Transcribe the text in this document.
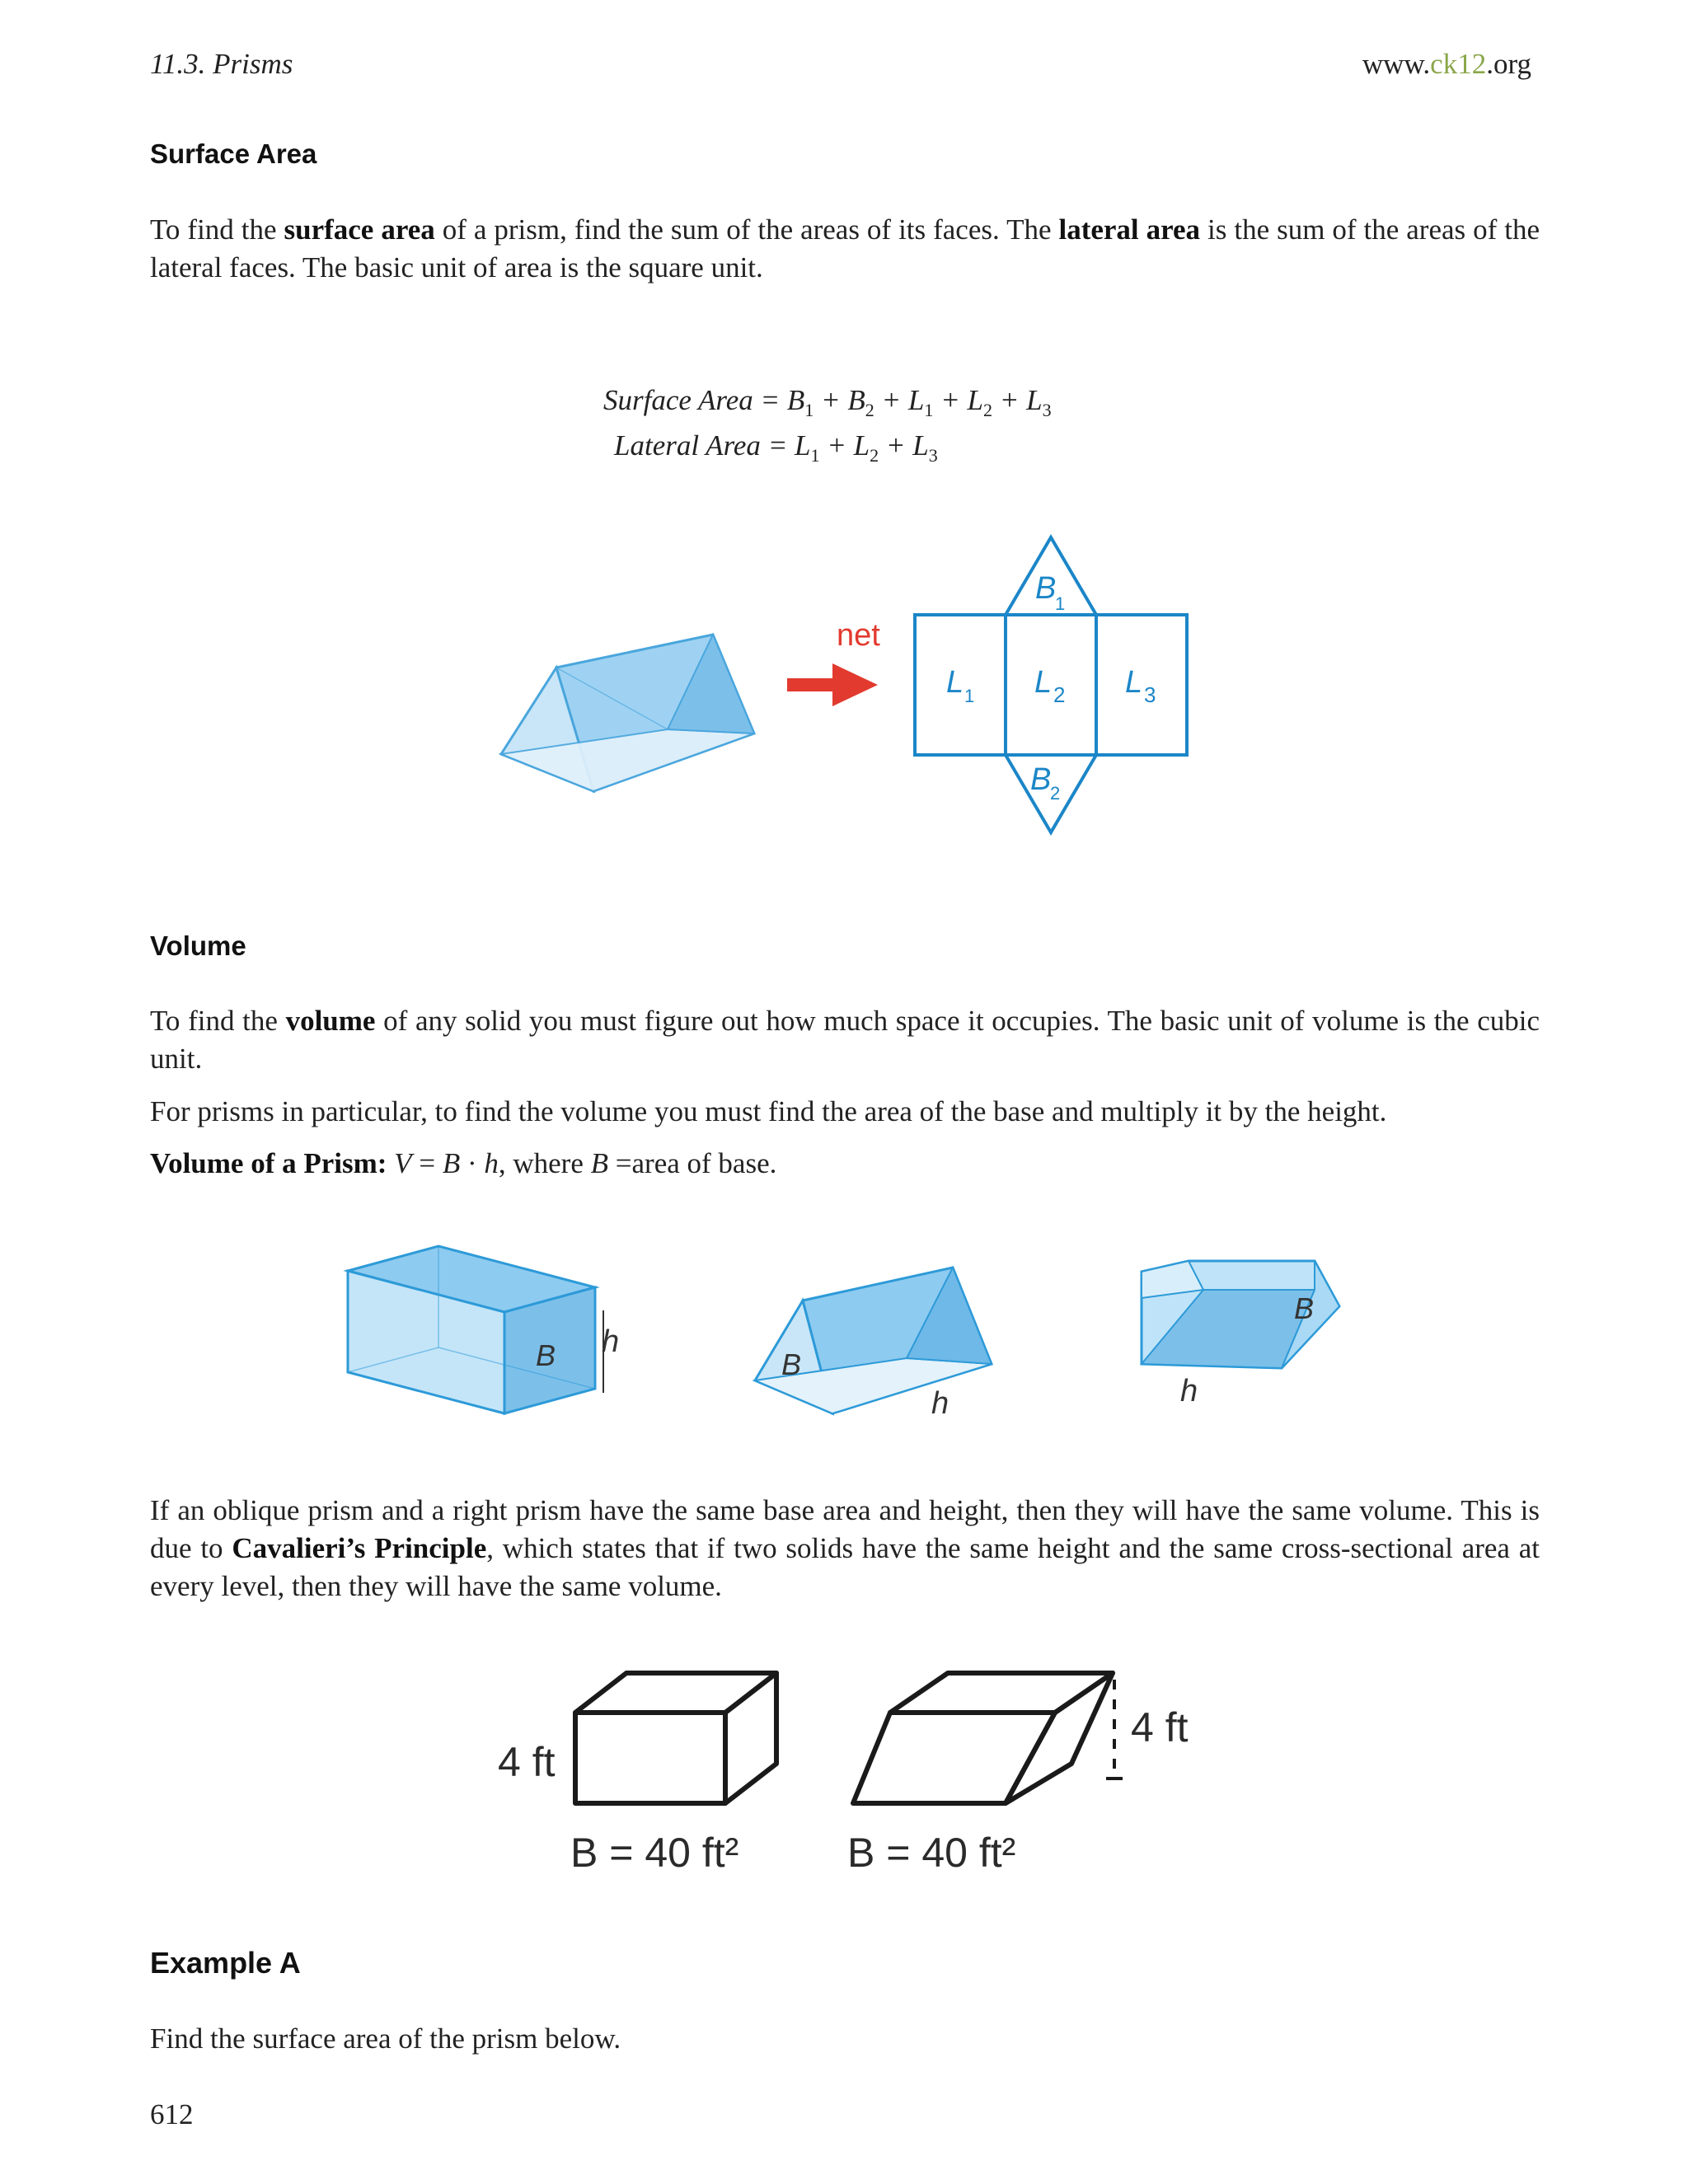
11.3. Prisms	www.ck12.org
Surface Area
To find the surface area of a prism, find the sum of the areas of its faces. The lateral area is the sum of the areas of the lateral faces. The basic unit of area is the square unit.
Surface Area = $B_1 + B_2 + L_1 + L_2 + L_3$
Lateral Area = $L_1 + L_2 + L_3$
net
B
1
L 1 L 2 L 3
B
2
Volume
To find the volume of any solid you must figure out how much space it occupies. The basic unit of volume is the cubic unit.
For prisms in particular, to find the volume you must find the area of the base and multiply it by the height.
Volume of a Prism: V = B · h, where B =area of base.
B h
B
h
B
h
If an oblique prism and a right prism have the same base area and height, then they will have the same volume. This is due to Cavalieri’s Principle, which states that if two solids have the same height and the same cross-sectional area at every level, then they will have the same volume.
4 ft
B = 40 ft²
4 ft
B = 40 ft²
Example A
Find the surface area of the prism below.
612
